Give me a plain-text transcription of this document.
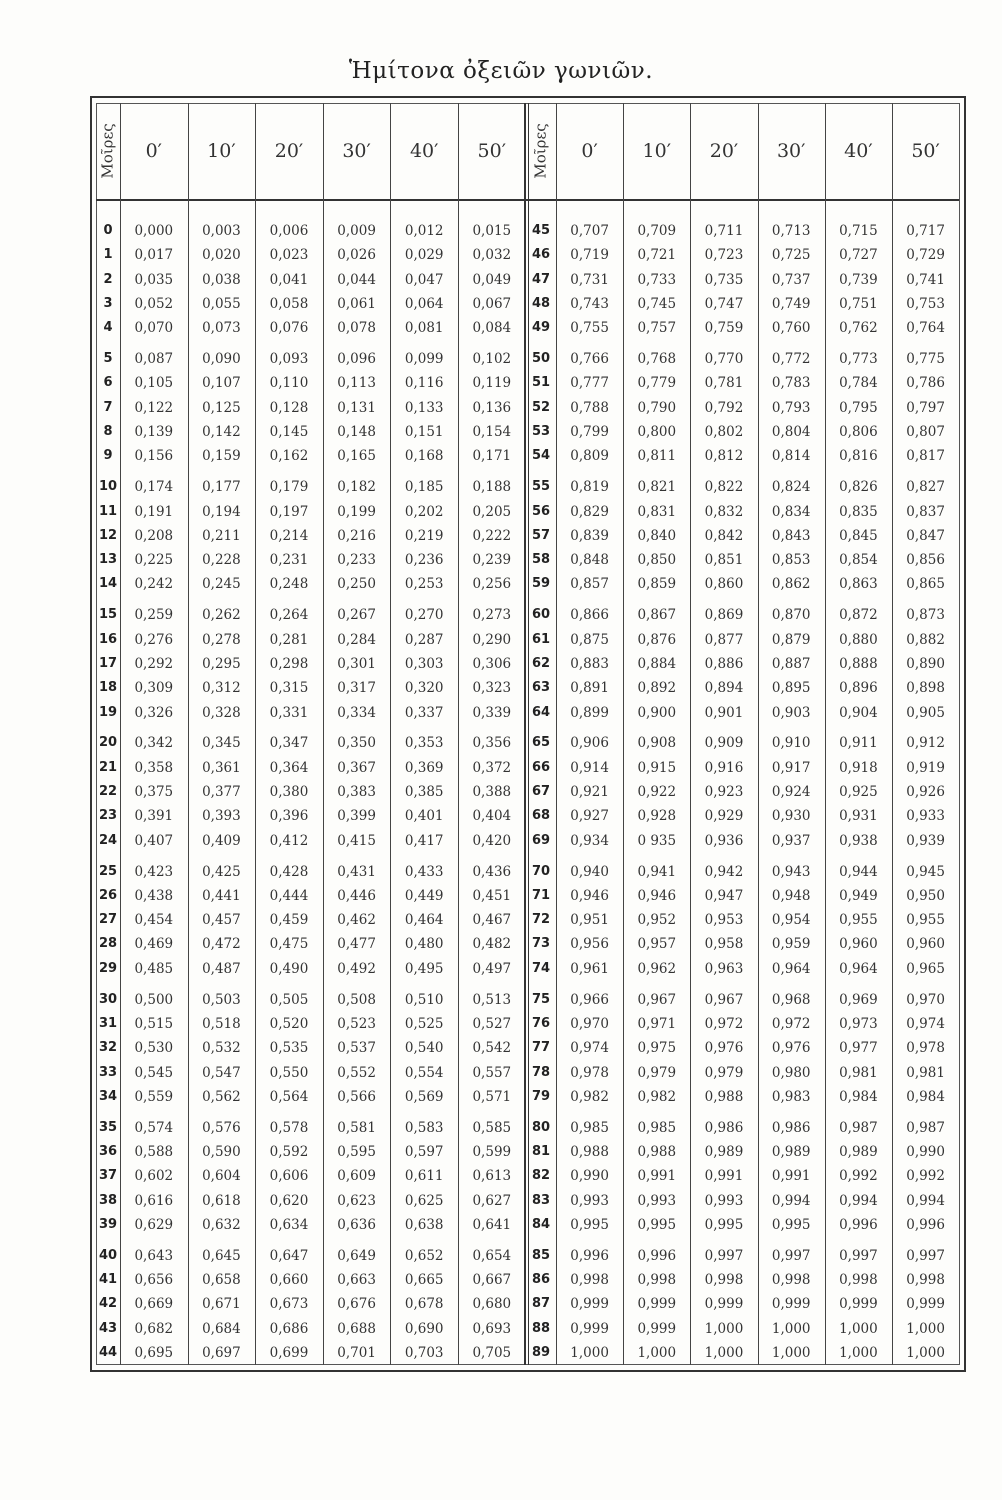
Ἡμίτονα ὀξειῶν γωνιῶν.
Μοῖρες	0′	10′	20′	30′	40′	50′
0	0,000	0,003	0,006	0,009	0,012	0,015
1	0,017	0,020	0,023	0,026	0,029	0,032
2	0,035	0,038	0,041	0,044	0,047	0,049
3	0,052	0,055	0,058	0,061	0,064	0,067
4	0,070	0,073	0,076	0,078	0,081	0,084
5	0,087	0,090	0,093	0,096	0,099	0,102
6	0,105	0,107	0,110	0,113	0,116	0,119
7	0,122	0,125	0,128	0,131	0,133	0,136
8	0,139	0,142	0,145	0,148	0,151	0,154
9	0,156	0,159	0,162	0,165	0,168	0,171
10	0,174	0,177	0,179	0,182	0,185	0,188
11	0,191	0,194	0,197	0,199	0,202	0,205
12	0,208	0,211	0,214	0,216	0,219	0,222
13	0,225	0,228	0,231	0,233	0,236	0,239
14	0,242	0,245	0,248	0,250	0,253	0,256
15	0,259	0,262	0,264	0,267	0,270	0,273
16	0,276	0,278	0,281	0,284	0,287	0,290
17	0,292	0,295	0,298	0,301	0,303	0,306
18	0,309	0,312	0,315	0,317	0,320	0,323
19	0,326	0,328	0,331	0,334	0,337	0,339
20	0,342	0,345	0,347	0,350	0,353	0,356
21	0,358	0,361	0,364	0,367	0,369	0,372
22	0,375	0,377	0,380	0,383	0,385	0,388
23	0,391	0,393	0,396	0,399	0,401	0,404
24	0,407	0,409	0,412	0,415	0,417	0,420
25	0,423	0,425	0,428	0,431	0,433	0,436
26	0,438	0,441	0,444	0,446	0,449	0,451
27	0,454	0,457	0,459	0,462	0,464	0,467
28	0,469	0,472	0,475	0,477	0,480	0,482
29	0,485	0,487	0,490	0,492	0,495	0,497
30	0,500	0,503	0,505	0,508	0,510	0,513
31	0,515	0,518	0,520	0,523	0,525	0,527
32	0,530	0,532	0,535	0,537	0,540	0,542
33	0,545	0,547	0,550	0,552	0,554	0,557
34	0,559	0,562	0,564	0,566	0,569	0,571
35	0,574	0,576	0,578	0,581	0,583	0,585
36	0,588	0,590	0,592	0,595	0,597	0,599
37	0,602	0,604	0,606	0,609	0,611	0,613
38	0,616	0,618	0,620	0,623	0,625	0,627
39	0,629	0,632	0,634	0,636	0,638	0,641
40	0,643	0,645	0,647	0,649	0,652	0,654
41	0,656	0,658	0,660	0,663	0,665	0,667
42	0,669	0,671	0,673	0,676	0,678	0,680
43	0,682	0,684	0,686	0,688	0,690	0,693
44	0,695	0,697	0,699	0,701	0,703	0,705
Μοῖρες	0′	10′	20′	30′	40′	50′
45	0,707	0,709	0,711	0,713	0,715	0,717
46	0,719	0,721	0,723	0,725	0,727	0,729
47	0,731	0,733	0,735	0,737	0,739	0,741
48	0,743	0,745	0,747	0,749	0,751	0,753
49	0,755	0,757	0,759	0,760	0,762	0,764
50	0,766	0,768	0,770	0,772	0,773	0,775
51	0,777	0,779	0,781	0,783	0,784	0,786
52	0,788	0,790	0,792	0,793	0,795	0,797
53	0,799	0,800	0,802	0,804	0,806	0,807
54	0,809	0,811	0,812	0,814	0,816	0,817
55	0,819	0,821	0,822	0,824	0,826	0,827
56	0,829	0,831	0,832	0,834	0,835	0,837
57	0,839	0,840	0,842	0,843	0,845	0,847
58	0,848	0,850	0,851	0,853	0,854	0,856
59	0,857	0,859	0,860	0,862	0,863	0,865
60	0,866	0,867	0,869	0,870	0,872	0,873
61	0,875	0,876	0,877	0,879	0,880	0,882
62	0,883	0,884	0,886	0,887	0,888	0,890
63	0,891	0,892	0,894	0,895	0,896	0,898
64	0,899	0,900	0,901	0,903	0,904	0,905
65	0,906	0,908	0,909	0,910	0,911	0,912
66	0,914	0,915	0,916	0,917	0,918	0,919
67	0,921	0,922	0,923	0,924	0,925	0,926
68	0,927	0,928	0,929	0,930	0,931	0,933
69	0,934	0 935	0,936	0,937	0,938	0,939
70	0,940	0,941	0,942	0,943	0,944	0,945
71	0,946	0,946	0,947	0,948	0,949	0,950
72	0,951	0,952	0,953	0,954	0,955	0,955
73	0,956	0,957	0,958	0,959	0,960	0,960
74	0,961	0,962	0,963	0,964	0,964	0,965
75	0,966	0,967	0,967	0,968	0,969	0,970
76	0,970	0,971	0,972	0,972	0,973	0,974
77	0,974	0,975	0,976	0,976	0,977	0,978
78	0,978	0,979	0,979	0,980	0,981	0,981
79	0,982	0,982	0,988	0,983	0,984	0,984
80	0,985	0,985	0,986	0,986	0,987	0,987
81	0,988	0,988	0,989	0,989	0,989	0,990
82	0,990	0,991	0,991	0,991	0,992	0,992
83	0,993	0,993	0,993	0,994	0,994	0,994
84	0,995	0,995	0,995	0,995	0,996	0,996
85	0,996	0,996	0,997	0,997	0,997	0,997
86	0,998	0,998	0,998	0,998	0,998	0,998
87	0,999	0,999	0,999	0,999	0,999	0,999
88	0,999	0,999	1,000	1,000	1,000	1,000
89	1,000	1,000	1,000	1,000	1,000	1,000
